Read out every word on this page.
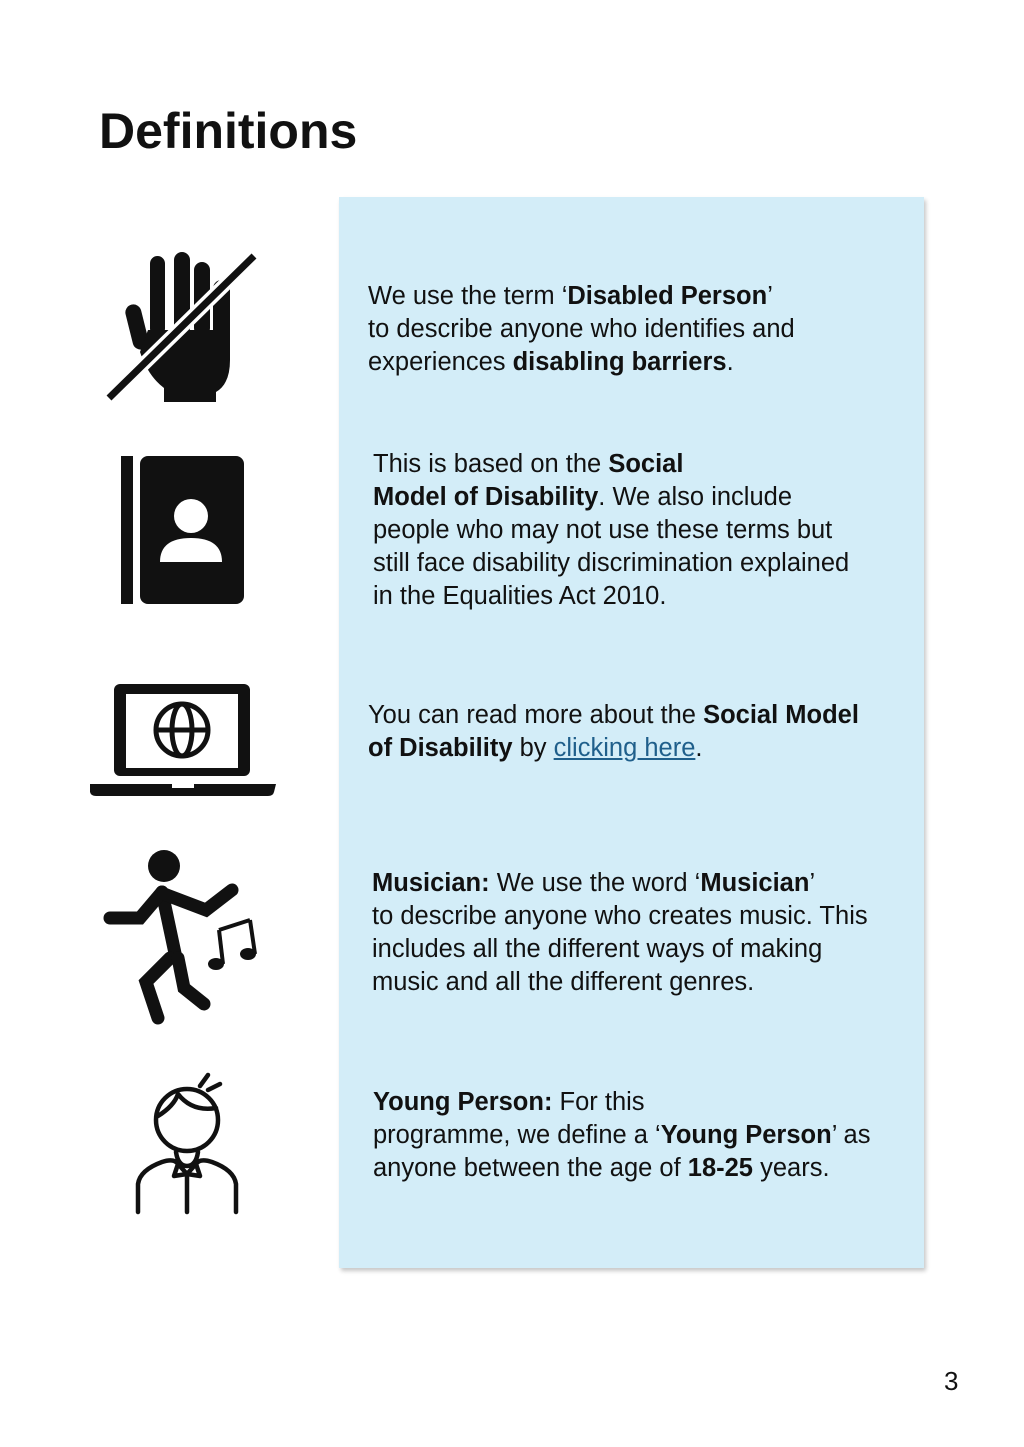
Definitions

We use the term ‘Disabled Person’
to describe anyone who identifies and
experiences disabling barriers.

This is based on the Social
Model of Disability. We also include
people who may not use these terms but
still face disability discrimination explained
in the Equalities Act 2010.

You can read more about the Social Model
of Disability by clicking here.

Musician: We use the word ‘Musician’
to describe anyone who creates music. This
includes all the different ways of making
music and all the different genres.

Young Person: For this
programme, we define a ‘Young Person’ as
anyone between the age of 18-25 years.

3
